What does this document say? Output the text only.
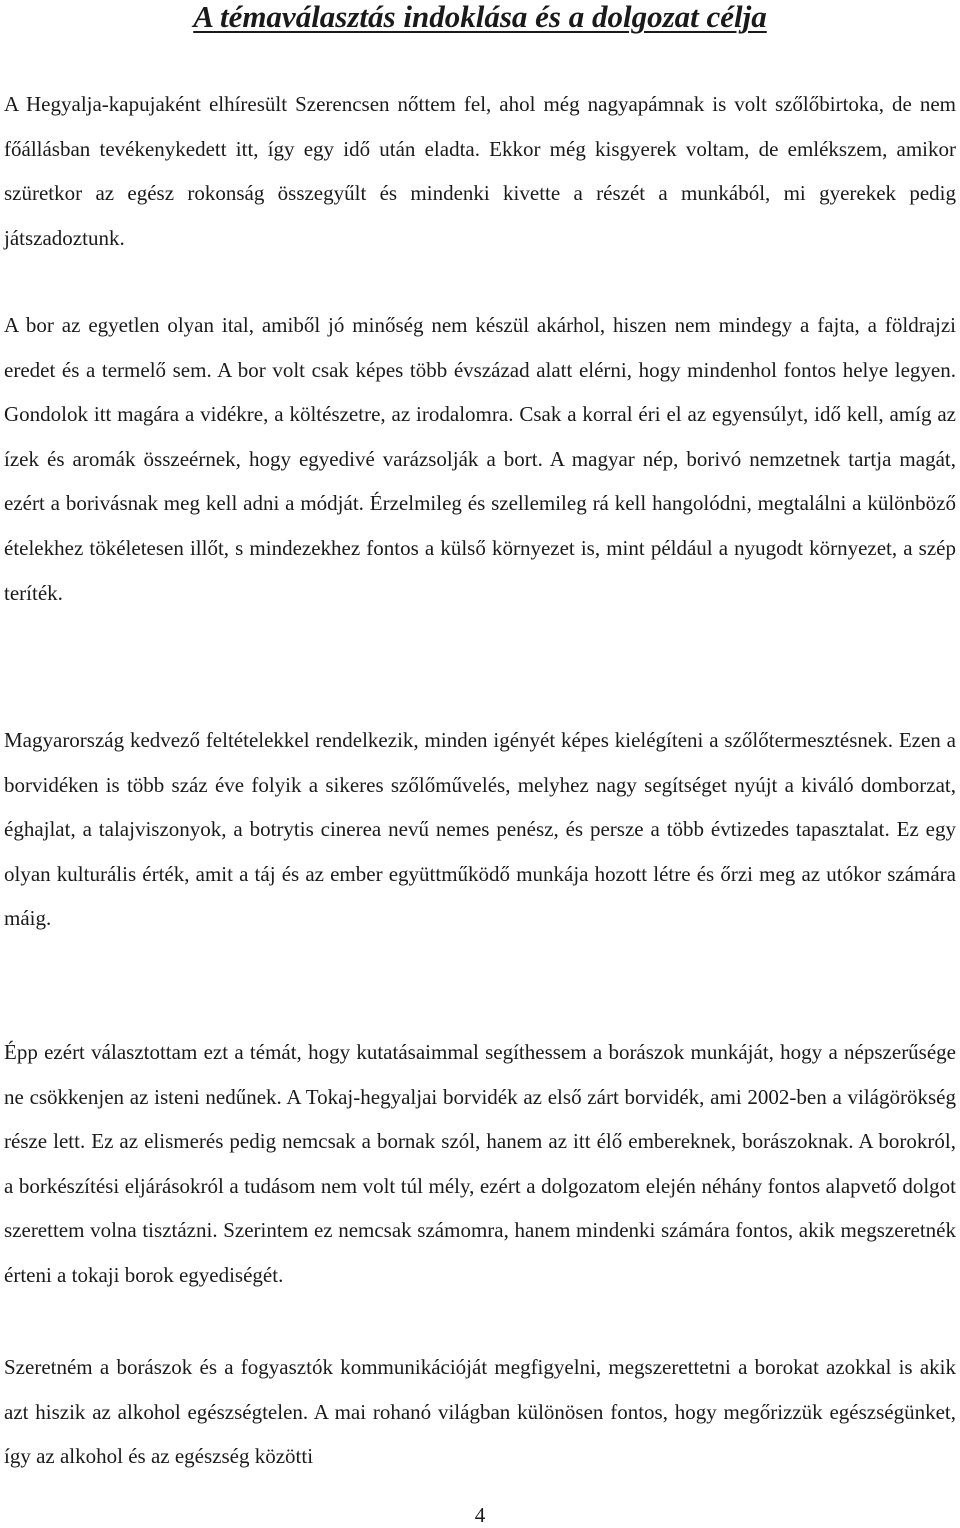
A témaválasztás indoklása és a dolgozat célja

A Hegyalja-kapujaként elhíresült Szerencsen nőttem fel, ahol még nagyapámnak is volt szőlőbirtoka, de nem főállásban tevékenykedett itt, így egy idő után eladta. Ekkor még kisgyerek voltam, de emlékszem, amikor szüretkor az egész rokonság összegyűlt és mindenki kivette a részét a munkából, mi gyerekek pedig játszadoztunk.

A bor az egyetlen olyan ital, amiből jó minőség nem készül akárhol, hiszen nem mindegy a fajta, a földrajzi eredet és a termelő sem. A bor volt csak képes több évszázad alatt elérni, hogy mindenhol fontos helye legyen. Gondolok itt magára a vidékre, a költészetre, az irodalomra. Csak a korral éri el az egyensúlyt, idő kell, amíg az ízek és aromák összeérnek, hogy egyedivé varázsolják a bort. A magyar nép, borivó nemzetnek tartja magát, ezért a borivásnak meg kell adni a módját. Érzelmileg és szellemileg rá kell hangolódni, megtalálni a különböző ételekhez tökéletesen illőt, s mindezekhez fontos a külső környezet is, mint például a nyugodt környezet, a szép teríték.

Magyarország kedvező feltételekkel rendelkezik, minden igényét képes kielégíteni a szőlőtermesztésnek. Ezen a borvidéken is több száz éve folyik a sikeres szőlőművelés, melyhez nagy segítséget nyújt a kiváló domborzat, éghajlat, a talajviszonyok, a botrytis cinerea nevű nemes penész, és persze a több évtizedes tapasztalat. Ez egy olyan kulturális érték, amit a táj és az ember együttműködő munkája hozott létre és őrzi meg az utókor számára máig.

Épp ezért választottam ezt a témát, hogy kutatásaimmal segíthessem a borászok munkáját, hogy a népszerűsége ne csökkenjen az isteni nedűnek. A Tokaj-hegyaljai borvidék az első zárt borvidék, ami 2002-ben a világörökség része lett. Ez az elismerés pedig nemcsak a bornak szól, hanem az itt élő embereknek, borászoknak. A borokról, a borkészítési eljárásokról a tudásom nem volt túl mély, ezért a dolgozatom elején néhány fontos alapvető dolgot szerettem volna tisztázni. Szerintem ez nemcsak számomra, hanem mindenki számára fontos, akik megszeretnék érteni a tokaji borok egyediségét.

Szeretném a borászok és a fogyasztók kommunikációját megfigyelni, megszerettetni a borokat azokkal is akik azt hiszik az alkohol egészségtelen. A mai rohanó világban különösen fontos, hogy megőrizzük egészségünket, így az alkohol és az egészség közötti

4
